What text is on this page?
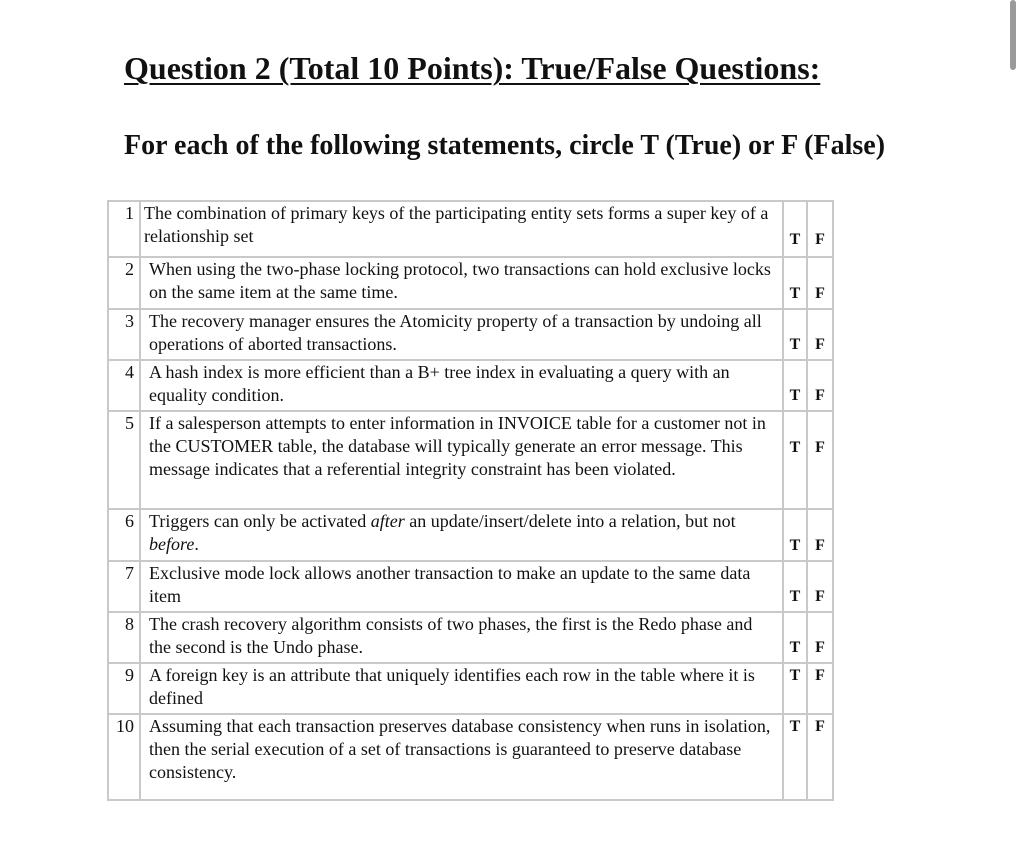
Question 2 (Total 10 Points): True/False Questions:

For each of the following statements, circle T (True) or F (False)

1	The combination of primary keys of the participating entity sets forms a super key of a relationship set	T	F

2	When using the two-phase locking protocol, two transactions can hold exclusive locks on the same item at the same time.	T	F

3	The recovery manager ensures the Atomicity property of a transaction by undoing all operations of aborted transactions.	T	F

4	A hash index is more efficient than a B+ tree index in evaluating a query with an equality condition.	T	F

5	If a salesperson attempts to enter information in INVOICE table for a customer not in the CUSTOMER table, the database will typically generate an error message. This message indicates that a referential integrity constraint has been violated.	T	F

6	Triggers can only be activated after an update/insert/delete into a relation, but not before.	T	F

7	Exclusive mode lock allows another transaction to make an update to the same data item	T	F

8	The crash recovery algorithm consists of two phases, the first is the Redo phase and the second is the Undo phase.	T	F

9	A foreign key is an attribute that uniquely identifies each row in the table where it is defined	T	F

10	Assuming that each transaction preserves database consistency when runs in isolation, then the serial execution of a set of transactions is guaranteed to preserve database consistency.	T	F
